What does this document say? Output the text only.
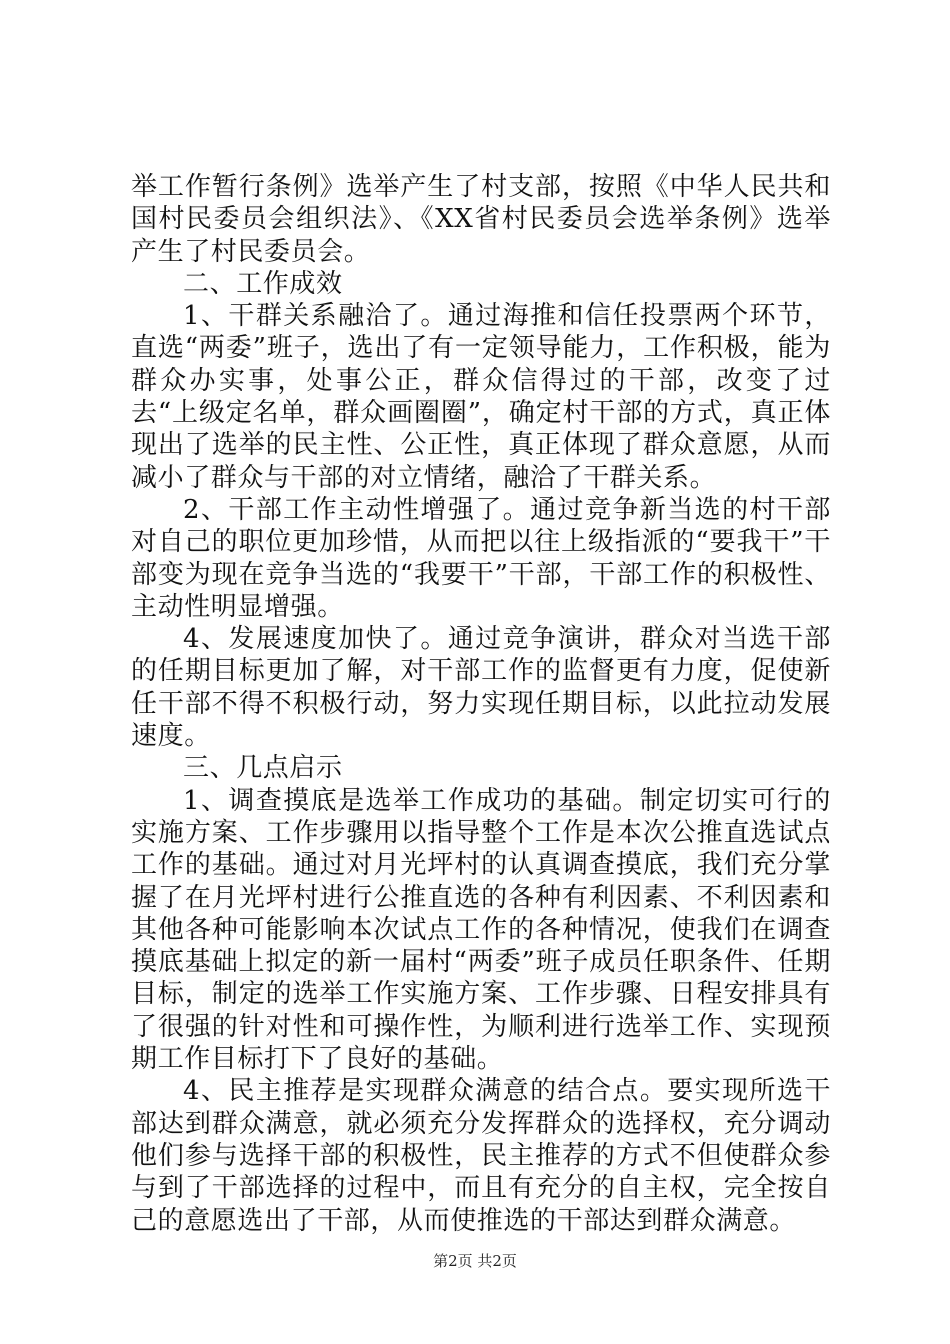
举工作暂行条例》选举产生了村支部，按照《中华人民共和国村民委员会组织法》、《XX省村民委员会选举条例》选举产生了村民委员会。

二、工作成效

1、干群关系融洽了。通过海推和信任投票两个环节，直选“两委”班子，选出了有一定领导能力，工作积极，能为群众办实事，处事公正，群众信得过的干部，改变了过去“上级定名单，群众画圈圈”，确定村干部的方式，真正体现出了选举的民主性、公正性，真正体现了群众意愿，从而减小了群众与干部的对立情绪，融洽了干群关系。

2、干部工作主动性增强了。通过竞争新当选的村干部对自己的职位更加珍惜，从而把以往上级指派的“要我干”干部变为现在竞争当选的“我要干”干部，干部工作的积极性、主动性明显增强。

4、发展速度加快了。通过竞争演讲，群众对当选干部的任期目标更加了解，对干部工作的监督更有力度，促使新任干部不得不积极行动，努力实现任期目标，以此拉动发展速度。

三、几点启示

1、调查摸底是选举工作成功的基础。制定切实可行的实施方案、工作步骤用以指导整个工作是本次公推直选试点工作的基础。通过对月光坪村的认真调查摸底，我们充分掌握了在月光坪村进行公推直选的各种有利因素、不利因素和其他各种可能影响本次试点工作的各种情况，使我们在调查摸底基础上拟定的新一届村“两委”班子成员任职条件、任期目标，制定的选举工作实施方案、工作步骤、日程安排具有了很强的针对性和可操作性，为顺利进行选举工作、实现预期工作目标打下了良好的基础。

4、民主推荐是实现群众满意的结合点。要实现所选干部达到群众满意，就必须充分发挥群众的选择权，充分调动他们参与选择干部的积极性，民主推荐的方式不但使群众参与到了干部选择的过程中，而且有充分的自主权，完全按自己的意愿选出了干部，从而使推选的干部达到群众满意。

第2页 共2页
